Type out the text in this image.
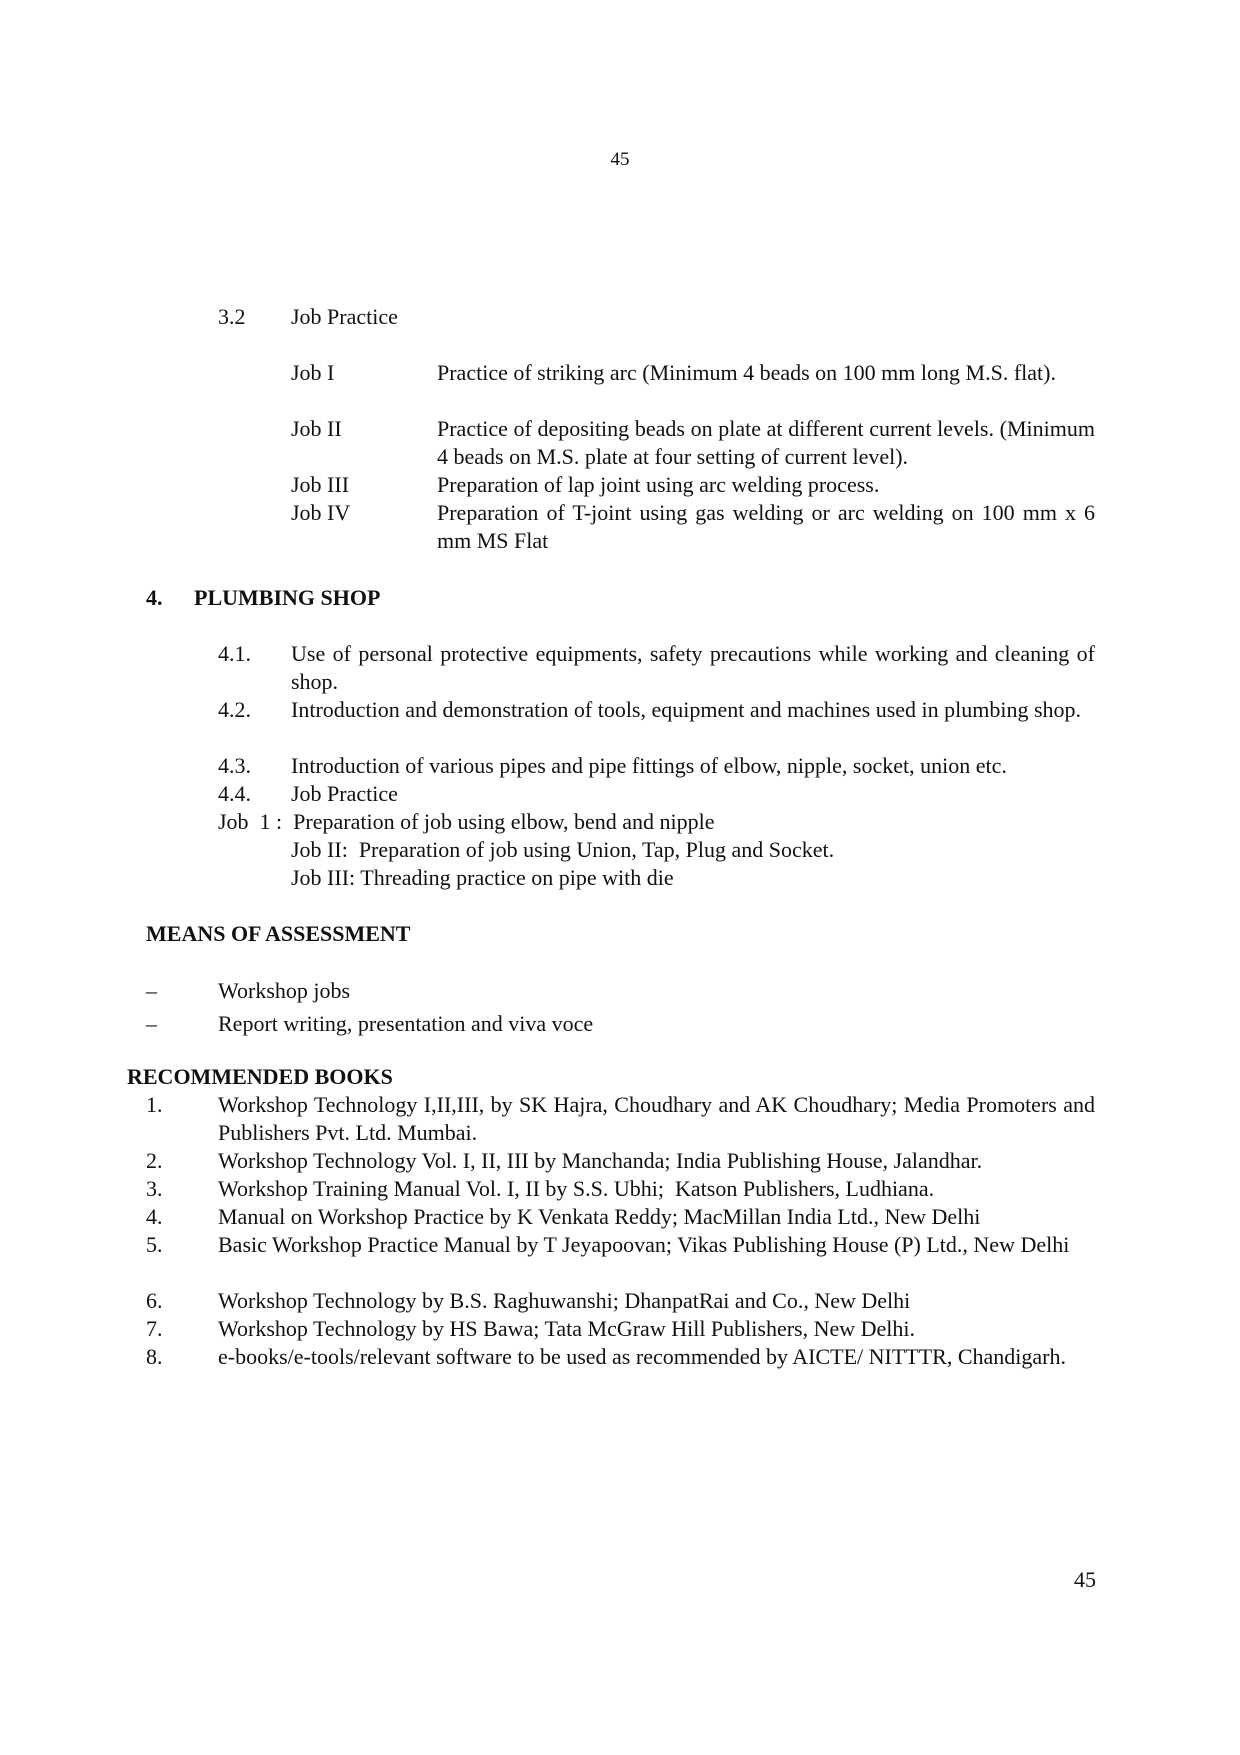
45
3.2 Job Practice
Job I	Practice of striking arc (Minimum 4 beads on 100 mm long M.S. flat).
Job II	Practice of depositing beads on plate at different current levels. (Minimum 4 beads on M.S. plate at four setting of current level).
Job III	Preparation of lap joint using arc welding process.
Job IV	Preparation of T-joint using gas welding or arc welding on 100 mm x 6 mm MS Flat
4. PLUMBING SHOP
4.1.	Use of personal protective equipments, safety precautions while working and cleaning of shop.
4.2.	Introduction and demonstration of tools, equipment and machines used in plumbing shop.
4.3.	Introduction of various pipes and pipe fittings of elbow, nipple, socket, union etc.
4.4.	Job Practice
Job  1 :  Preparation of job using elbow, bend and nipple
Job II:  Preparation of job using Union, Tap, Plug and Socket.
Job III: Threading practice on pipe with die
MEANS OF ASSESSMENT
–	Workshop jobs
–	Report writing, presentation and viva voce
RECOMMENDED BOOKS
1.	Workshop Technology I,II,III, by SK Hajra, Choudhary and AK Choudhary; Media Promoters and Publishers Pvt. Ltd. Mumbai.
2.	Workshop Technology Vol. I, II, III by Manchanda; India Publishing House, Jalandhar.
3.	Workshop Training Manual Vol. I, II by S.S. Ubhi;  Katson Publishers, Ludhiana.
4.	Manual on Workshop Practice by K Venkata Reddy; MacMillan India Ltd., New Delhi
5.	Basic Workshop Practice Manual by T Jeyapoovan; Vikas Publishing House (P) Ltd., New Delhi
6.	Workshop Technology by B.S. Raghuwanshi; DhanpatRai and Co., New Delhi
7.	Workshop Technology by HS Bawa; Tata McGraw Hill Publishers, New Delhi.
8.	e-books/e-tools/relevant software to be used as recommended by AICTE/ NITTTR, Chandigarh.
45
